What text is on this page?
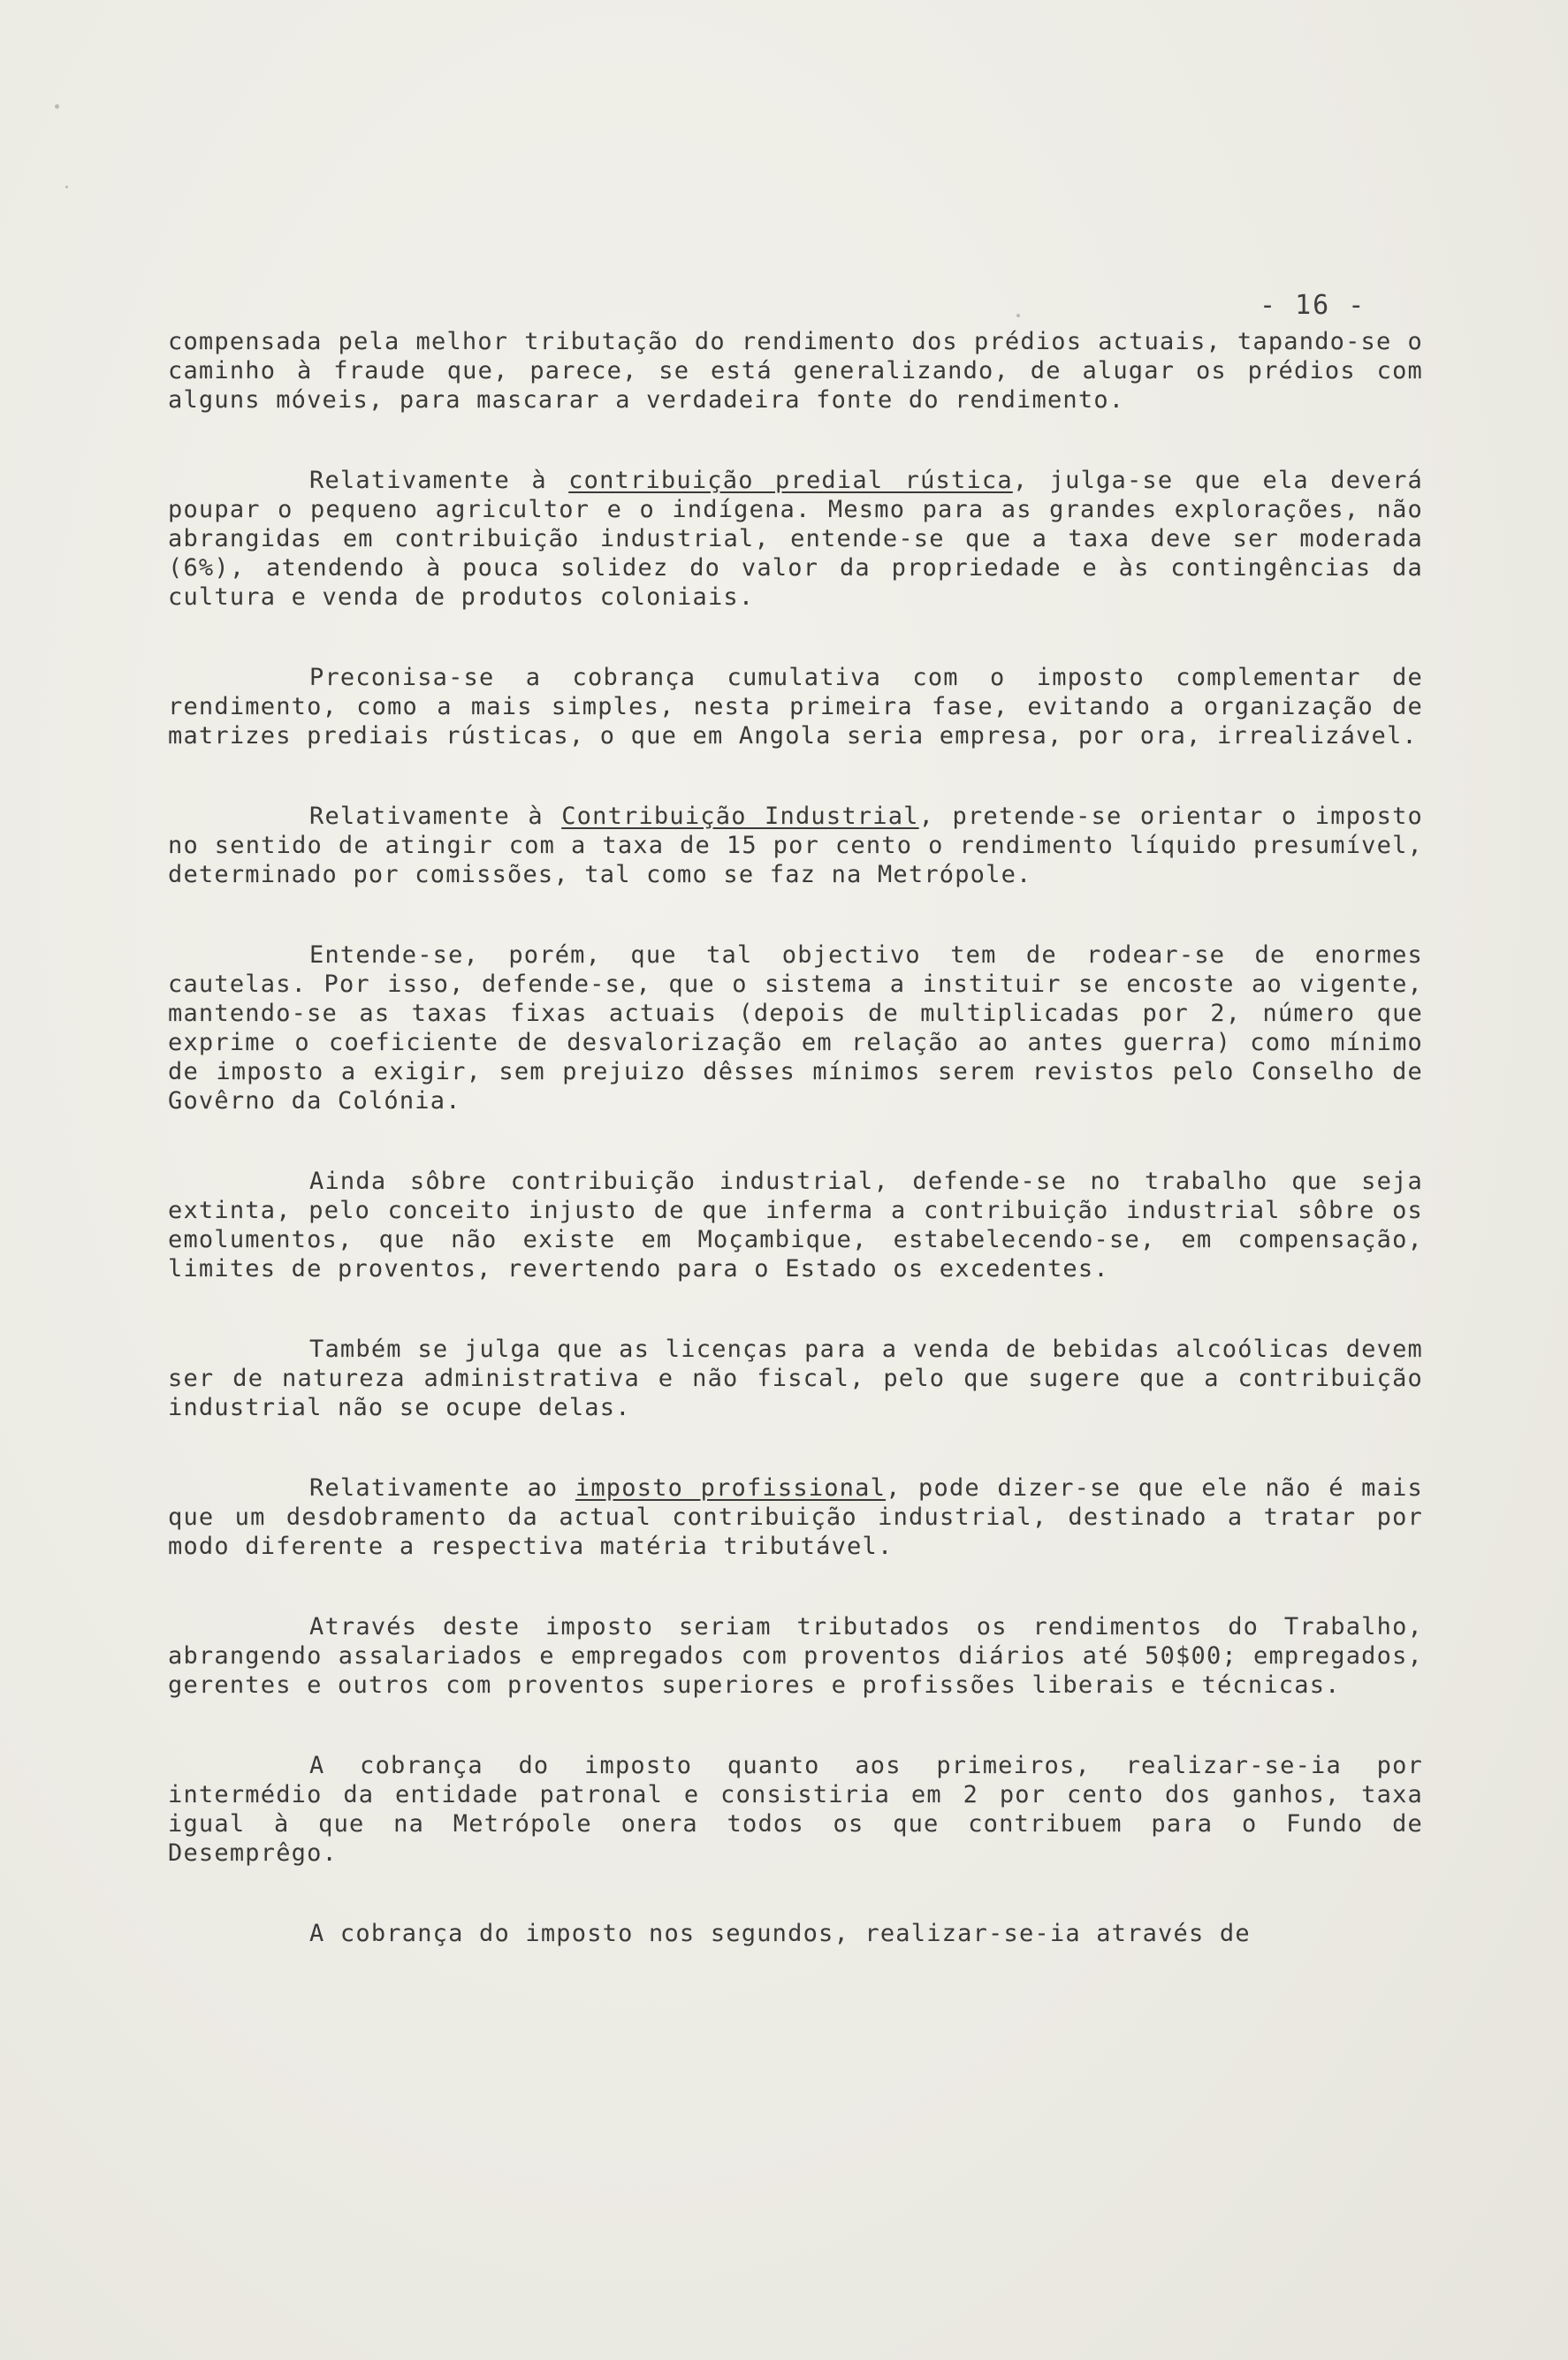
- 16 -

compensada pela melhor tributação do rendimento dos prédios actuais, tapando-se o caminho à fraude que, parece, se está generalizando, de alugar os prédios com alguns móveis, para mascarar a verdadeira fonte do rendimento.

Relativamente à contribuição predial rústica, julga-se que ela deverá poupar o pequeno agricultor e o indígena. Mesmo para as grandes explorações, não abrangidas em contribuição industrial, entende-se que a taxa deve ser moderada (6%), atendendo à pouca solidez do valor da propriedade e às contingências da cultura e venda de produtos coloniais.

Preconisa-se a cobrança cumulativa com o imposto complementar de rendimento, como a mais simples, nesta primeira fase, evitando a organização de matrizes prediais rústicas, o que em Angola seria empresa, por ora, irrealizável.

Relativamente à Contribuição Industrial, pretende-se orientar o imposto no sentido de atingir com a taxa de 15 por cento o rendimento líquido presumível, determinado por comissões, tal como se faz na Metrópole.

Entende-se, porém, que tal objectivo tem de rodear-se de enormes cautelas. Por isso, defende-se, que o sistema a instituir se encoste ao vigente, mantendo-se as taxas fixas actuais (depois de multiplicadas por 2, número que exprime o coeficiente de desvalorização em relação ao antes guerra) como mínimo de imposto a exigir, sem prejuizo dêsses mínimos serem revistos pelo Conselho de Govêrno da Colónia.

Ainda sôbre contribuição industrial, defende-se no trabalho que seja extinta, pelo conceito injusto de que inferma a contribuição industrial sôbre os emolumentos, que não existe em Moçambique, estabelecendo-se, em compensação, limites de proventos, revertendo para o Estado os excedentes.

Também se julga que as licenças para a venda de bebidas alcoólicas devem ser de natureza administrativa e não fiscal, pelo que sugere que a contribuição industrial não se ocupe delas.

Relativamente ao imposto profissional, pode dizer-se que ele não é mais que um desdobramento da actual contribuição industrial, destinado a tratar por modo diferente a respectiva matéria tributável.

Através deste imposto seriam tributados os rendimentos do Trabalho, abrangendo assalariados e empregados com proventos diários até 50$00; empregados, gerentes e outros com proventos superiores e profissões liberais e técnicas.

A cobrança do imposto quanto aos primeiros, realizar-se-ia por intermédio da entidade patronal e consistiria em 2 por cento dos ganhos, taxa igual à que na Metrópole onera todos os que contribuem para o Fundo de Desemprêgo.

A cobrança do imposto nos segundos, realizar-se-ia através de
